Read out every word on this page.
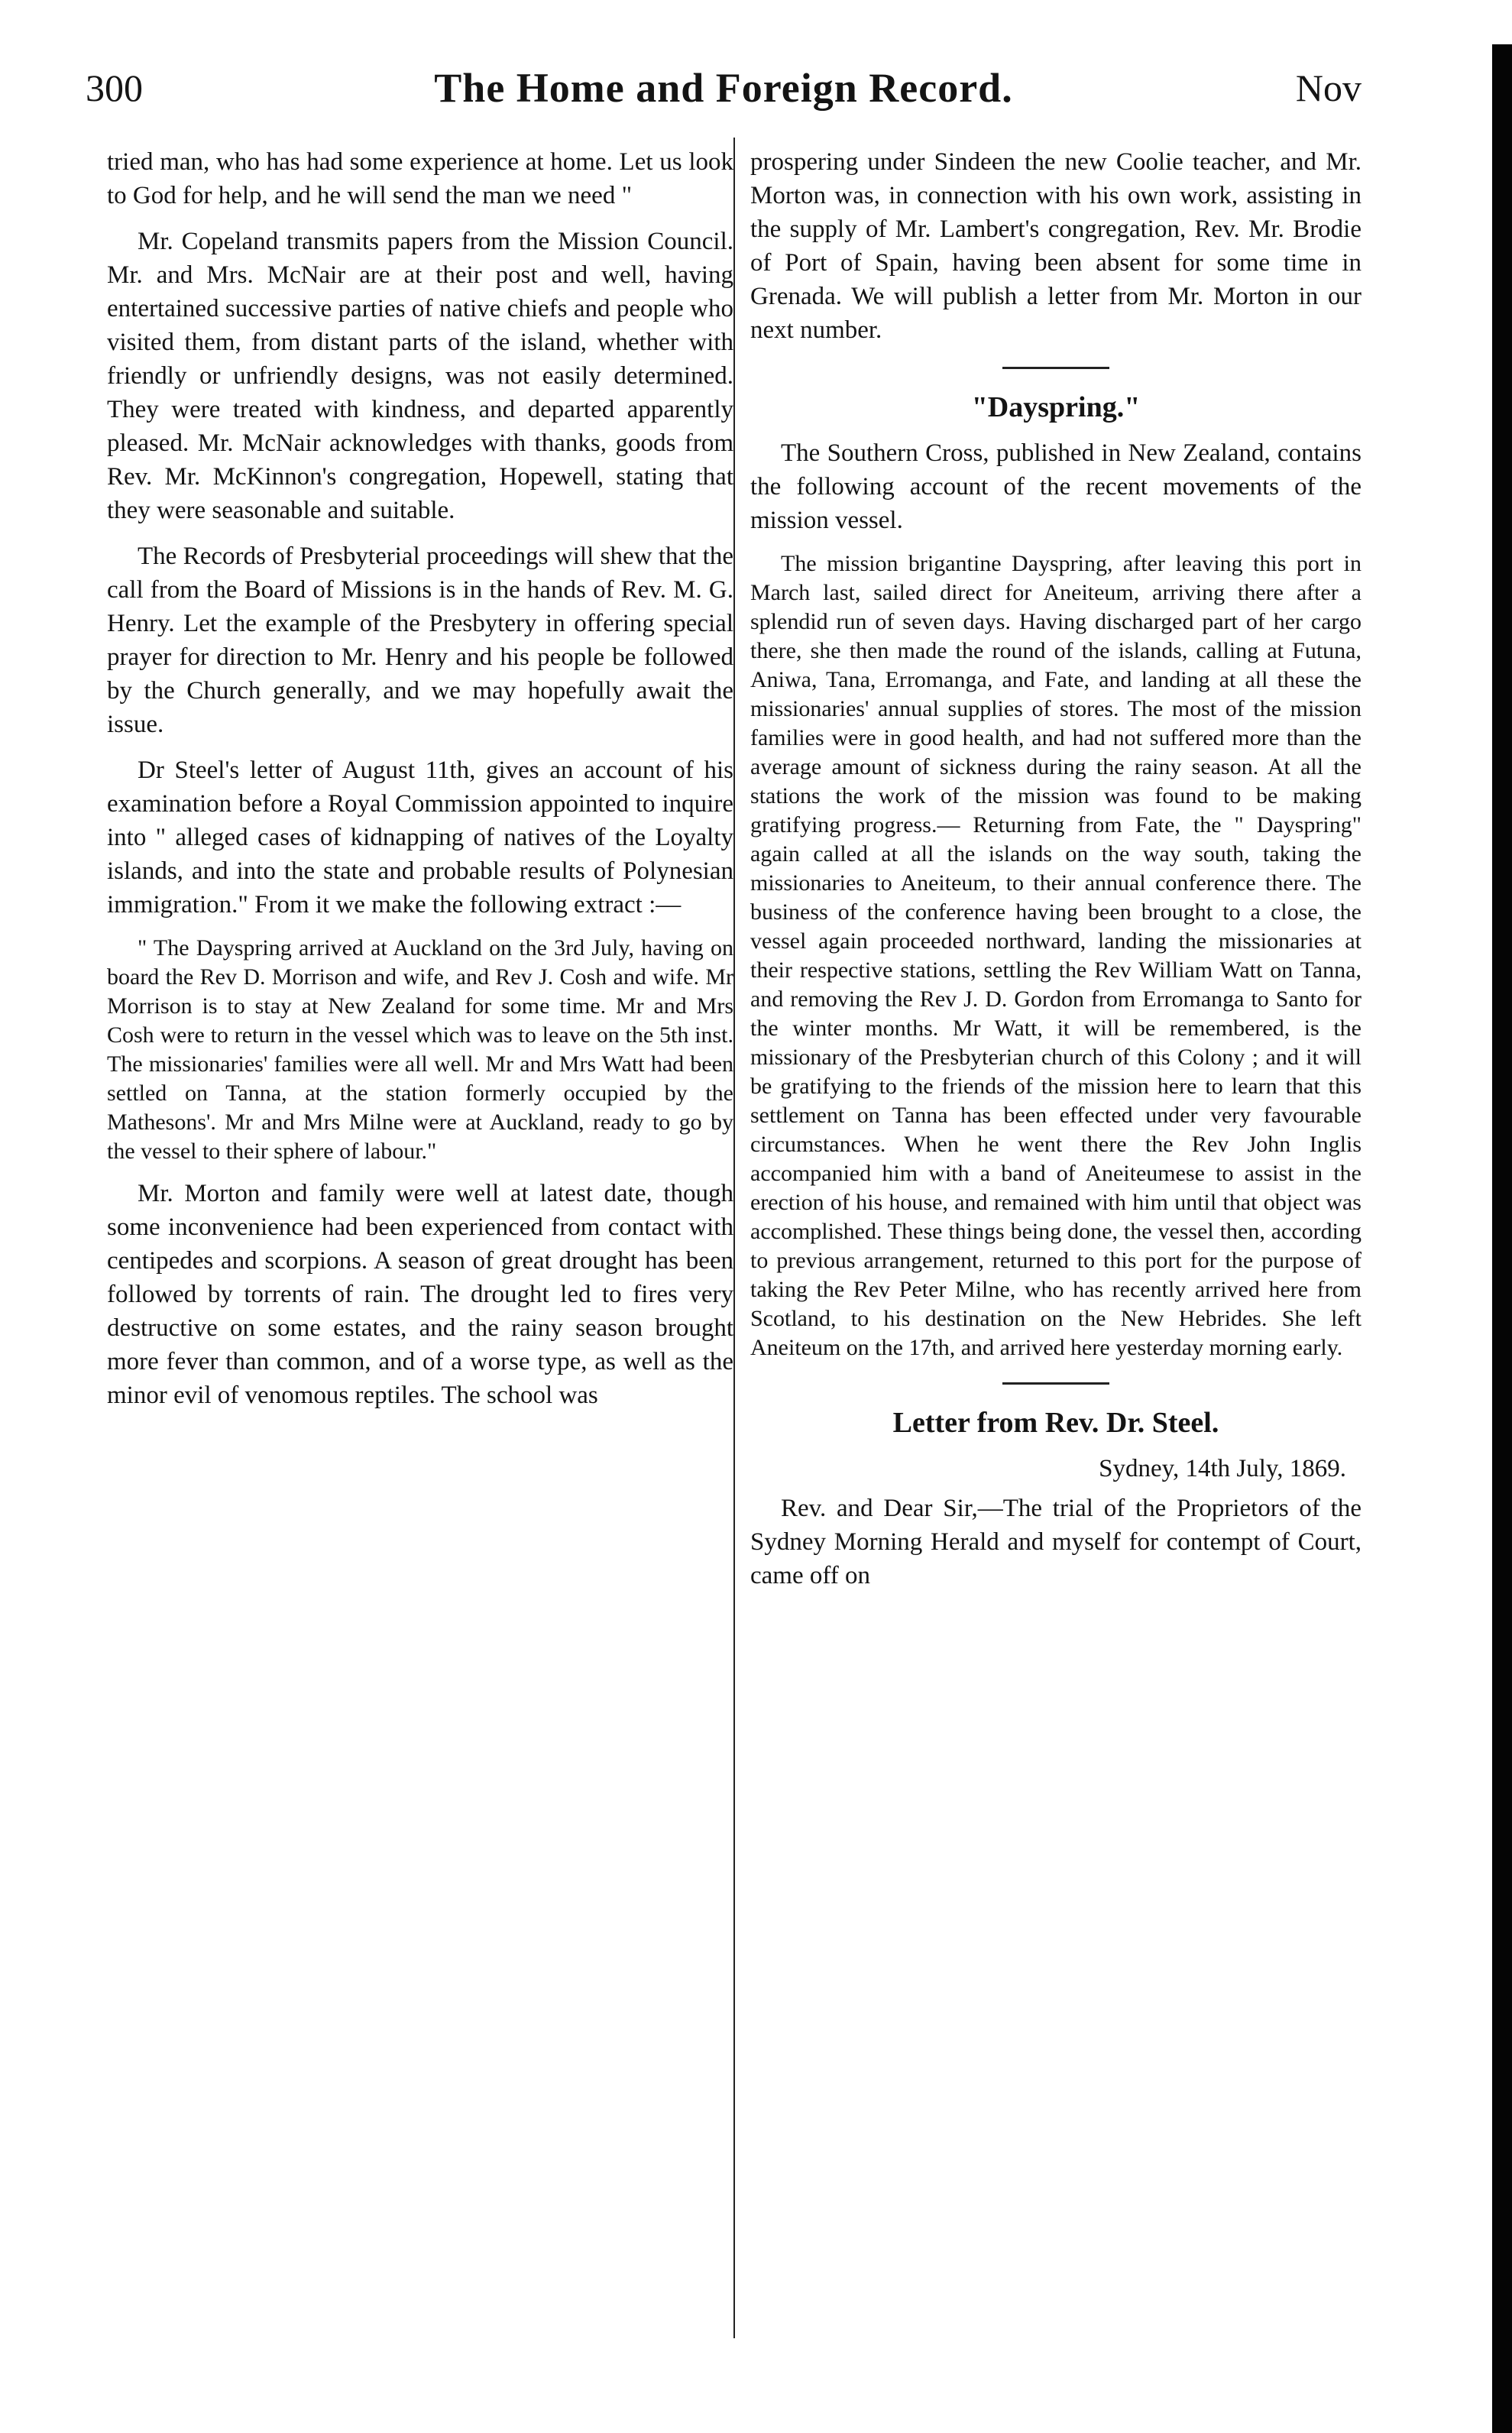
300	The Home and Foreign Record.	Nov

tried man, who has had some experience at home. Let us look to God for help, and he will send the man we need "

Mr. Copeland transmits papers from the Mission Council. Mr. and Mrs. McNair are at their post and well, having entertained successive parties of native chiefs and people who visited them, from distant parts of the island, whether with friendly or unfriendly designs, was not easily determined. They were treated with kindness, and departed apparently pleased. Mr. McNair acknowledges with thanks, goods from Rev. Mr. McKinnon's congregation, Hopewell, stating that they were seasonable and suitable.

The Records of Presbyterial proceedings will shew that the call from the Board of Missions is in the hands of Rev. M. G. Henry. Let the example of the Presbytery in offering special prayer for direction to Mr. Henry and his people be followed by the Church generally, and we may hopefully await the issue.

Dr Steel's letter of August 11th, gives an account of his examination before a Royal Commission appointed to inquire into " alleged cases of kidnapping of natives of the Loyalty islands, and into the state and probable results of Polynesian immigration." From it we make the following extract :—

" The Dayspring arrived at Auckland on the 3rd July, having on board the Rev D. Morrison and wife, and Rev J. Cosh and wife. Mr Morrison is to stay at New Zealand for some time. Mr and Mrs Cosh were to return in the vessel which was to leave on the 5th inst. The missionaries' families were all well. Mr and Mrs Watt had been settled on Tanna, at the station formerly occupied by the Mathesons'. Mr and Mrs Milne were at Auckland, ready to go by the vessel to their sphere of labour."

Mr. Morton and family were well at latest date, though some inconvenience had been experienced from contact with centipedes and scorpions. A season of great drought has been followed by torrents of rain. The drought led to fires very destructive on some estates, and the rainy season brought more fever than common, and of a worse type, as well as the minor evil of venomous reptiles. The school was

prospering under Sindeen the new Coolie teacher, and Mr. Morton was, in connection with his own work, assisting in the supply of Mr. Lambert's congregation, Rev. Mr. Brodie of Port of Spain, having been absent for some time in Grenada. We will publish a letter from Mr. Morton in our next number.

"Dayspring."

The Southern Cross, published in New Zealand, contains the following account of the recent movements of the mission vessel.

The mission brigantine Dayspring, after leaving this port in March last, sailed direct for Aneiteum, arriving there after a splendid run of seven days. Having discharged part of her cargo there, she then made the round of the islands, calling at Futuna, Aniwa, Tana, Erromanga, and Fate, and landing at all these the missionaries' annual supplies of stores. The most of the mission families were in good health, and had not suffered more than the average amount of sickness during the rainy season. At all the stations the work of the mission was found to be making gratifying progress.— Returning from Fate, the " Dayspring" again called at all the islands on the way south, taking the missionaries to Aneiteum, to their annual conference there. The business of the conference having been brought to a close, the vessel again proceeded northward, landing the missionaries at their respective stations, settling the Rev William Watt on Tanna, and removing the Rev J. D. Gordon from Erromanga to Santo for the winter months. Mr Watt, it will be remembered, is the missionary of the Presbyterian church of this Colony ; and it will be gratifying to the friends of the mission here to learn that this settlement on Tanna has been effected under very favourable circumstances. When he went there the Rev John Inglis accompanied him with a band of Aneiteumese to assist in the erection of his house, and remained with him until that object was accomplished. These things being done, the vessel then, according to previous arrangement, returned to this port for the purpose of taking the Rev Peter Milne, who has recently arrived here from Scotland, to his destination on the New Hebrides. She left Aneiteum on the 17th, and arrived here yesterday morning early.

Letter from Rev. Dr. Steel.
Sydney, 14th July, 1869.

Rev. and Dear Sir,—The trial of the Proprietors of the Sydney Morning Herald and myself for contempt of Court, came off on
